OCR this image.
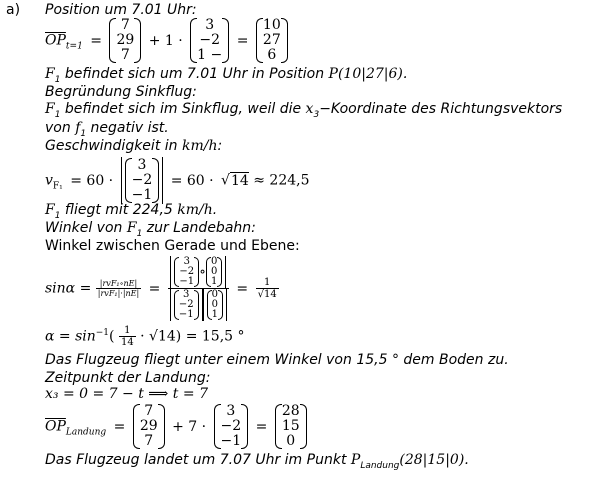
a) Position um 7.01 Uhr:
$\overline{OP}_{t=1}$ =
7
29
7
+ 1 ·
3
−2
1 −
=
10
27
6
$F_1$ befindet sich um 7.01 Uhr in Position P(10|27|6).
Begründung Sinkflug:
$F_1$ befindet sich im Sinkflug, weil die $x_3-Koordinate$ des Richtungsvektors
von $f_1$ negativ ist.
Geschwindigkeit in km/h:
$v_{F_1} = 60$ ·
3
−2
−1
= 60 · √14 ≈ 224,5
$F_1$ fliegt mit 224,5 km/h.
Winkel von $F_1$ zur Landebahn:
Winkel zwischen Gerade und Ebene:
$\sin\alpha = \frac{\text{|rvF₁∘nE|}}{\text{|rvF₁|·|nE|}} = 3$
−2
−1
∘
0
0
1
3
−2
−1
0
0
$1 = \frac{1}{√14}$
$\alpha = \sin^{-1}( \frac{1}{14} \cdot √14) = 15,5$ °
Das Flugzeug fliegt unter einem Winkel von 15,5 ° dem Boden zu.
Zeitpunkt der Landung:
x₃ = 0 = 7 − t ⟹ t = 7
$\overline{OP}_{Landung}$ =
7
29
7
+ 7 ·
3
−2
−1
=
28
15
0
Das Flugzeug landet um 7.07 Uhr im Punkt $P_{Landung}(28|15|0)$.
